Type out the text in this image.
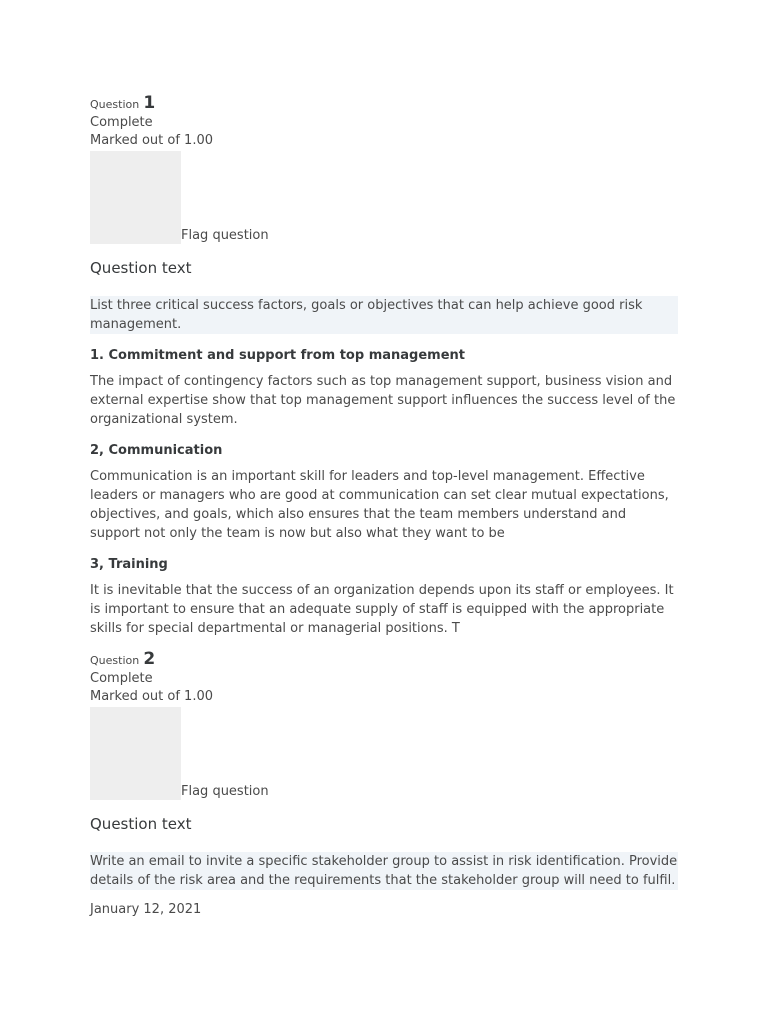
Question 1
Complete
Marked out of 1.00
Flag question
Question text
List three critical success factors, goals or objectives that can help achieve good risk management.
1. Commitment and support from top management
The impact of contingency factors such as top management support, business vision and external expertise show that top management support influences the success level of the organizational system.
2, Communication
Communication is an important skill for leaders and top-level management. Effective leaders or managers who are good at communication can set clear mutual expectations, objectives, and goals, which also ensures that the team members understand and support not only the team is now but also what they want to be
3, Training
It is inevitable that the success of an organization depends upon its staff or employees. It is important to ensure that an adequate supply of staff is equipped with the appropriate skills for special departmental or managerial positions. T
Question 2
Complete
Marked out of 1.00
Flag question
Question text
Write an email to invite a specific stakeholder group to assist in risk identification. Provide details of the risk area and the requirements that the stakeholder group will need to fulfil.
January 12, 2021
